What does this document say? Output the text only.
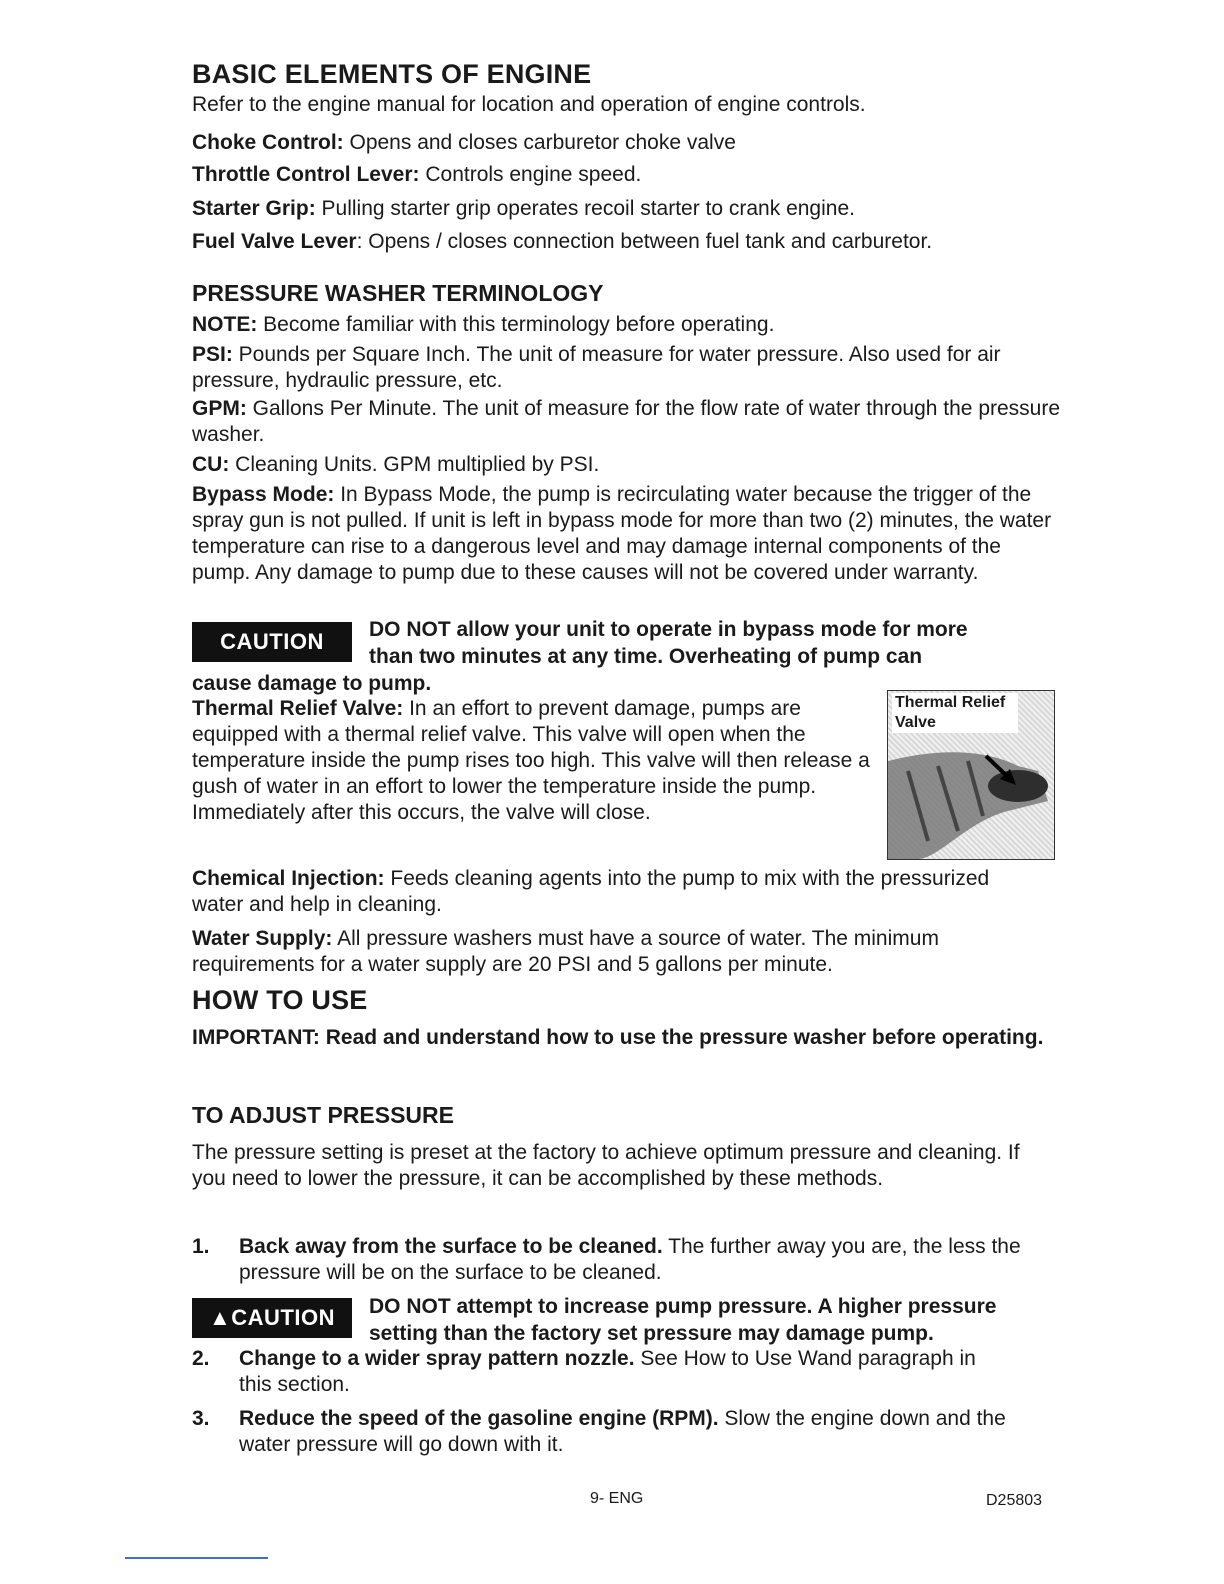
BASIC ELEMENTS OF ENGINE

Refer to the engine manual for location and operation of engine controls.

Choke Control: Opens and closes carburetor choke valve

Throttle Control Lever: Controls engine speed.

Starter Grip: Pulling starter grip operates recoil starter to crank engine.

Fuel Valve Lever: Opens / closes connection between fuel tank and carburetor.

PRESSURE WASHER TERMINOLOGY

NOTE: Become familiar with this terminology before operating.

PSI: Pounds per Square Inch. The unit of measure for water pressure. Also used for air pressure, hydraulic pressure, etc.

GPM: Gallons Per Minute. The unit of measure for the flow rate of water through the pressure washer.

CU: Cleaning Units. GPM multiplied by PSI.

Bypass Mode: In Bypass Mode, the pump is recirculating water because the trigger of the spray gun is not pulled. If unit is left in bypass mode for more than two (2) minutes, the water temperature can rise to a dangerous level and may damage internal components of the pump. Any damage to pump due to these causes will not be covered under warranty.

CAUTION	DO NOT allow your unit to operate in bypass mode for more
than two minutes at any time. Overheating of pump can
cause damage to pump.

Thermal Relief Valve: In an effort to prevent damage, pumps are equipped with a thermal relief valve. This valve will open when the temperature inside the pump rises too high. This valve will then release a gush of water in an effort to lower the temperature inside the pump. Immediately after this occurs, the valve will close.

Thermal Relief Valve

Chemical Injection: Feeds cleaning agents into the pump to mix with the pressurized water and help in cleaning.

Water Supply: All pressure washers must have a source of water. The minimum requirements for a water supply are 20 PSI and 5 gallons per minute.

HOW TO USE

IMPORTANT: Read and understand how to use the pressure washer before operating.

TO ADJUST PRESSURE

The pressure setting is preset at the factory to achieve optimum pressure and cleaning. If you need to lower the pressure, it can be accomplished by these methods.

1. Back away from the surface to be cleaned. The further away you are, the less the pressure will be on the surface to be cleaned.

▲CAUTION	DO NOT attempt to increase pump pressure. A higher pressure
setting than the factory set pressure may damage pump.
2. Change to a wider spray pattern nozzle. See How to Use Wand paragraph in this section.

3. Reduce the speed of the gasoline engine (RPM). Slow the engine down and the water pressure will go down with it.

9- ENG	D25803
